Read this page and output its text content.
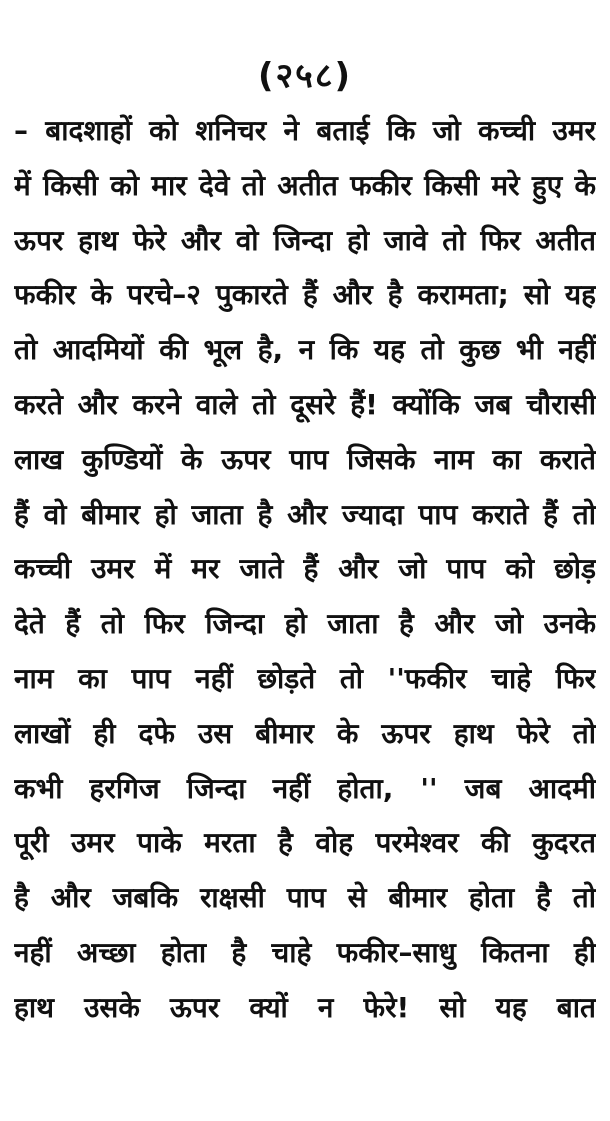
(२५८)
– बादशाहों को शनिचर ने बताई कि जो कच्ची उमर
में किसी को मार देवे तो अतीत फकीर किसी मरे हुए के
ऊपर हाथ फेरे और वो जिन्दा हो जावे तो फिर अतीत
फकीर के परचे–२ पुकारते हैं और है करामता; सो यह
तो आदमियों की भूल है, न कि यह तो कुछ भी नहीं
करते और करने वाले तो दूसरे हैं! क्योंकि जब चौरासी
लाख कुण्डियों के ऊपर पाप जिसके नाम का कराते
हैं वो बीमार हो जाता है और ज्यादा पाप कराते हैं तो
कच्ची उमर में मर जाते हैं और जो पाप को छोड़
देते हैं तो फिर जिन्दा हो जाता है और जो उनके
नाम का पाप नहीं छोड़ते तो ''फकीर चाहे फिर
लाखों ही दफे उस बीमार के ऊपर हाथ फेरे तो
कभी हरगिज जिन्दा नहीं होता, '' जब आदमी
पूरी उमर पाके मरता है वोह परमेश्वर की कुदरत
है और जबकि राक्षसी पाप से बीमार होता है तो
नहीं अच्छा होता है चाहे फकीर–साधु कितना ही
हाथ उसके ऊपर क्यों न फेरे! सो यह बात
